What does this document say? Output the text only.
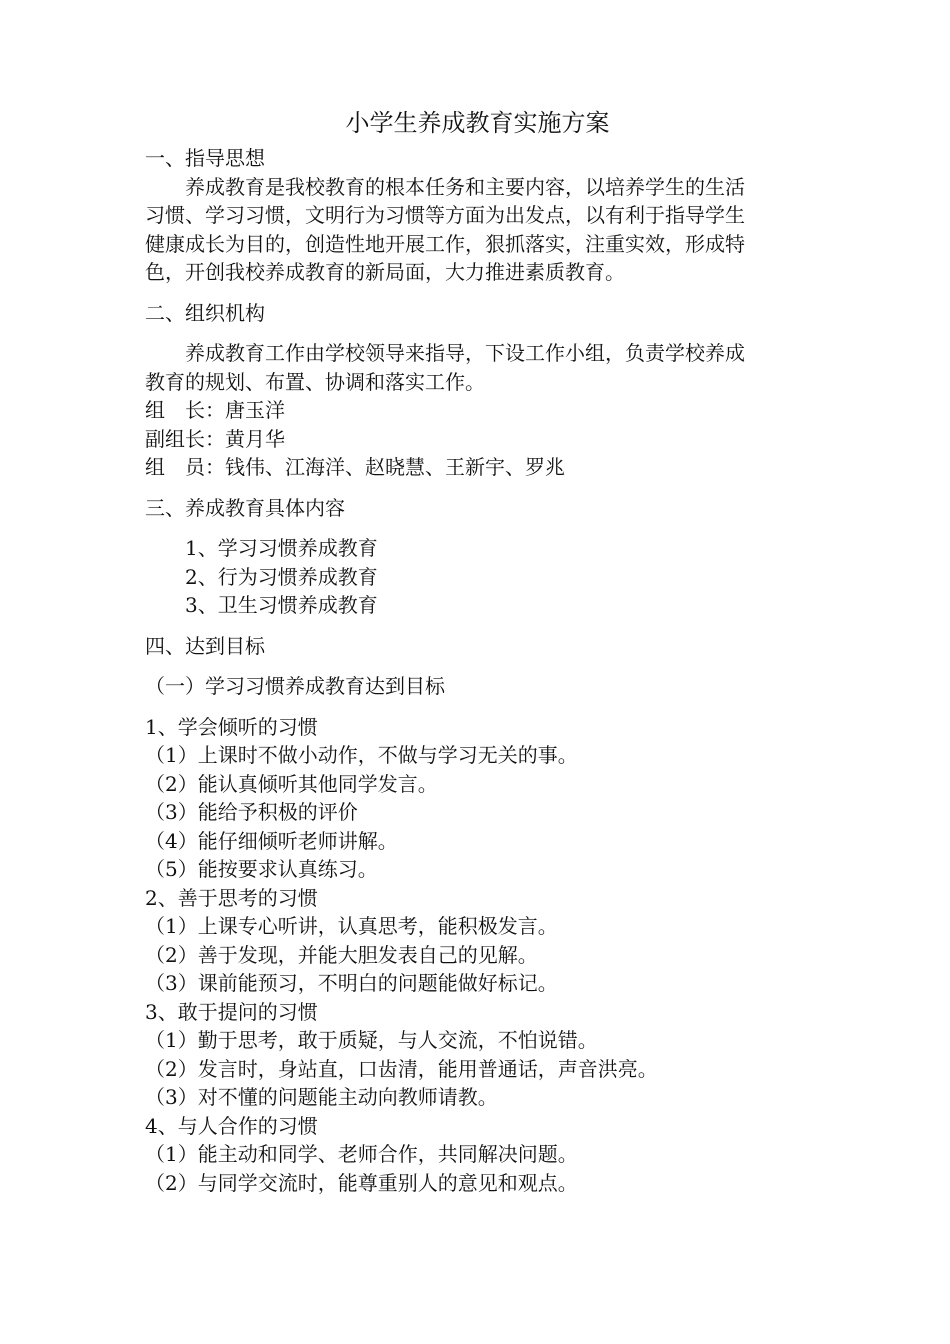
小学生养成教育实施方案

一、指导思想

养成教育是我校教育的根本任务和主要内容，以培养学生的生活

习惯、学习习惯，文明行为习惯等方面为出发点，以有利于指导学生

健康成长为目的，创造性地开展工作，狠抓落实，注重实效，形成特

色，开创我校养成教育的新局面，大力推进素质教育。

二、组织机构

养成教育工作由学校领导来指导，下设工作小组，负责学校养成

教育的规划、布置、协调和落实工作。

组　长：唐玉洋

副组长：黄月华

组　员：钱伟、江海洋、赵晓慧、王新宇、罗兆

三、养成教育具体内容

1、学习习惯养成教育

2、行为习惯养成教育

3、卫生习惯养成教育

四、达到目标

（一）学习习惯养成教育达到目标

1、学会倾听的习惯

（1）上课时不做小动作，不做与学习无关的事。

（2）能认真倾听其他同学发言。

（3）能给予积极的评价

（4）能仔细倾听老师讲解。

（5）能按要求认真练习。

2、善于思考的习惯

（1）上课专心听讲，认真思考，能积极发言。

（2）善于发现，并能大胆发表自己的见解。

（3）课前能预习，不明白的问题能做好标记。

3、敢于提问的习惯

（1）勤于思考，敢于质疑，与人交流，不怕说错。

（2）发言时，身站直，口齿清，能用普通话，声音洪亮。

（3）对不懂的问题能主动向教师请教。

4、与人合作的习惯

（1）能主动和同学、老师合作，共同解决问题。

（2）与同学交流时，能尊重别人的意见和观点。
